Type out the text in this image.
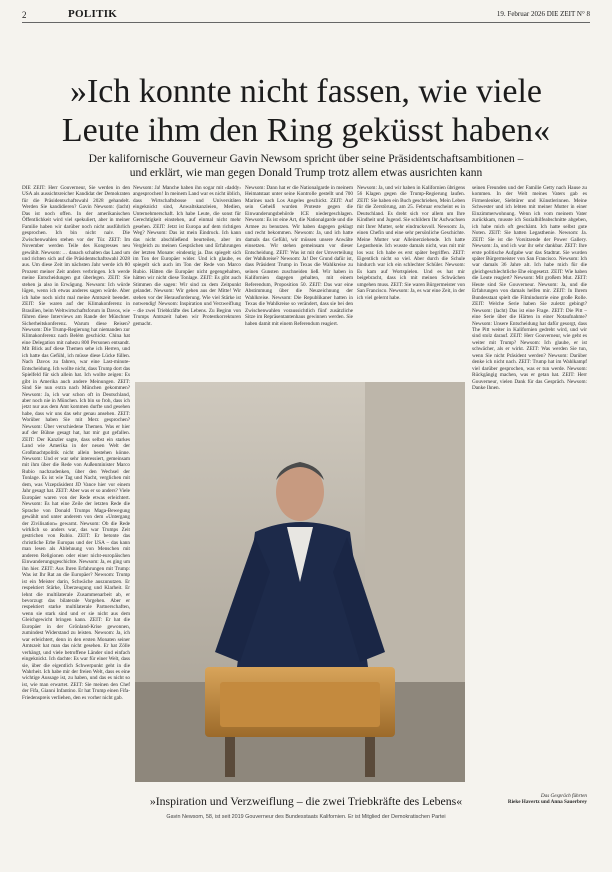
2	POLITIK	19. Februar 2026 DIE ZEIT N° 8
»Ich konnte nicht fassen, wie viele Leute ihm den Ring geküsst haben«
Der kalifornische Gouverneur Gavin Newsom spricht über seine Präsidentschaftsambitionen – und erklärt, wie man gegen Donald Trump trotz allem etwas ausrichten kann

DIE ZEIT: Herr Gouverneur, Sie werden in den USA als aussichtsreicher Kandidat der Demokraten für die Präsidentschaftswahl 2028 gehandelt. Werden Sie kandidieren? Gavin Newsom: (lacht) Das ist noch offen. In der amerikanischen Öffentlichkeit wird viel spekuliert, aber in meiner Familie haben wir darüber noch nicht ausführlich gesprochen. Ich bin nicht naiv. Die Zwischenwahlen stehen vor der Tür. ZEIT: Im November werden Teile des Kongresses neu gewählt. Newsom: … danach schalten das Land um und richten sich auf die Präsidentschaftswahl 2028 aus. Um diese Zeit im nächsten Jahr werde ich 80 Prozent meiner Zeit anders verbringen. Ich werde meine Entscheidungen gut überlegen. ZEIT: Sie stehen ja also in Erwägung. Newsom: Ich würde lügen, wenn ich etwas anderes sagen würde. Aber ich habe noch nicht mal meine Amtszeit beendet. ZEIT: Sie waren auf der Klimakonferenz in Brasilien, beim Weltwirtschaftsforum in Davos, wie führen diese Interviews am Rande der Münchner Sicherheitskonferenz. Warum diese Reisen? Newsom: Die Trump-Regierung hat niemanden zur Klimakonferenz nach Belém geschickt. China hat eine Delegation mit nahezu 800 Personen entsandt. Mit Blick auf diese Themen sehe ich Herren, und ich hatte das Gefühl, ich müsse diese Lücke füllen. Nach Davos zu fahren, war eine Last-minute-Entscheidung. Ich wollte nicht, dass Trump dort das Spielfeld für sich allein hat. Ich wollte zeigen: Es gibt in Amerika auch andere Meinungen. ZEIT: Sind Sie nun extra nach München gekommen? Newsom: Ja, ich war schon oft in Deutschland, aber noch nie in München. Ich bin so froh, dass ich jetzt nur aus dem Amt kommen durfte und gesehen habe, dass wir uns das sehr genau ansehen. ZEIT: Worüber haben Sie mit Merz gesprochen? Newsom: Über verschiedene Themen. Was er hier auf der Bühne gesagt hat, hat mir gut gefallen. ZEIT: Der Kanzler sagte, dass selbst ein starkes Land wie Amerika in der neuen Welt der Großmachtpolitik nicht allein bestehen könne. Newsom: Und er war sehr interessiert, gemeinsam mit ihm über die Rede von Außenminister Marco Rubio nachzudenken, über den Wechsel der Tonlage. Es ist wie Tag und Nacht, verglichen mit dem, was Vizepräsident JD Vance hier vor einem Jahr gesagt hat. ZEIT: Aber was er so anders? Viele Europäer waren von der Rede etwas erleichtert. Newsom: Es hat eine Zeile der letzten Rede die Sprache von Donald Trumps Maga-Bewegung gewählt und unter anderem von dem »Untergang der Zivilisation« gewarnt. Newsom: Ob die Rede wirklich so anders war, das war Trumps Zeit gestrichen von Rubio. ZEIT: Er betonte das christliche Erbe Europas und der USA – das kann man lesen als Ablehnung von Menschen mit anderen Religionen oder einer nicht-europäischen Einwanderungsgeschichte. Newsom: Ja, es ging um ihn hier. ZEIT: Aus Ihren Erfahrungen mit Trump: Was ist Ihr Rat an die Europäer? Newsom: Trump ist ein Meister darin, Schwäche auszunutzen. Er respektiert Stärke, Überzeugung und Klarheit. Er lehnt die multilaterale Zusammenarbeit ab, er bevorzugt das bilaterale Vorgehen. Aber er respektiert starke multilaterale Partnerschaften, wenn sie stark sind und er sie nicht aus dem Gleichgewicht bringen kann. ZEIT: Er hat die Europäer in der Grönland-Krise gewonnen, zumindest Widerstand zu leisten. Newsom: Ja, ich war erleichtert, denn in den ersten Monaten seiner Amtszeit hat man das nicht gesehen. Er hat Zölle verhängt, und viele betroffene Länder sind einfach eingeknickt. Ich dachte: Es war für einer Welt, dass sie, über die eigentlich Schwerpunkt geht in die Wahrheit. Ich habe mir der freien Welt, dass es eine wichtige Aussage ist, zu haben, und das es nicht so ist, wie man erwartet. ZEIT: Sie meinen den Chef der Fifa, Gianni Infantino. Er hat Trump einen Fifa-Friedenspreis verliehen, den es vorher nicht gab.

Newsom: Ja! Manche haben ihn sogar mit ›daddy‹ angesprochen! In meinem Land war es nicht üblich, dass Wirtschaftsbosse und Universitäten eingeknickt sind, Anwaltskanzleien, Medien, Unternehmerschaft. Ich habe Leute, die sonst für Gerechtigkeit einstehen, auf einmal nicht mehr gesehen. ZEIT: Jetzt ist Europa auf dem richtigen Weg? Newsom: Das ist mein Eindruck. Ich kann das nicht abschließend beurteilen, aber im Vergleich zu meinen Gesprächen und Erfahrungen der letzten Monate: eindeutig ja. Das spiegelt sich im Ton der Europäer wider. Und ich glaube, es spiegelt sich auch im Ton der Rede von Marco Rubio. Hätten die Europäer nicht gegengehalten, hätten wir nicht diese Tonlage. ZEIT: Es gibt auch Stimmen die sagen: Wir sind zu dem Zeitpunkt gelandet. Newsom: Wir gehen aus der Mitte! Wir stehen vor der Herausforderung. Wie viel Stärke ist notwendig! Newsom: Inspiration und Verzweiflung – die zwei Triebkräfte des Lebens. Zu Beginn von Trumps Amtszeit haben wir Protestkorrekturen gemacht.

Newsom: Dann hat er die Nationalgarde in meinem Heimatstaat unter seine Kontrolle gestellt und 700 Marines nach Los Angeles geschickt. ZEIT: Auf sein Geheiß wurden Proteste gegen die Einwanderungsbehörde ICE niedergeschlagen. Newsom: Es ist eine Art, die Nationalgarde und die Armee zu benutzen. Wir haben dagegen geklagt und recht bekommen. Newsom: Ja, und ich hatte damals das Gefühl, wir müssen unsere Anwälte einsetzen. Wir stehen gemeinsam vor dieser Entscheidung. ZEIT: Was ist mit der Umverteilung der Wahlkreise? Newsom: Ja! Der Grund dafür ist, dass Präsident Trump in Texas die Wahlkreise zu seinen Gunsten zuschneiden ließ. Wir haben in Kalifornien dagegen gehalten, mit einem Referendum, Proposition 50. ZEIT: Das war eine Abstimmung über die Neuzeichnung der Wahlkreise. Newsom: Die Republikaner hatten in Texas die Wahlkreise so verändert, dass sie bei den Zwischenwahlen voraussichtlich fünf zusätzliche Sitze im Repräsentantenhaus gewinnen werden. Sie haben damit mit einem Referendum reagiert.

Newsom: Ja, und wir haben in Kalifornien übrigens 56 Klagen gegen die Trump-Regierung laufen. ZEIT: Sie haben ein Buch geschrieben, Mein Leben für die Zerstörung, am 25. Februar erscheint es in Deutschland. Es dreht sich vor allem um Ihre Kindheit und Jugend. Sie schildern Ihr Aufwachsen mit Ihrer Mutter, sehr eindrucksvoll. Newsom: Ja, einen Chefin und eine sehr persönliche Geschichte. Meine Mutter war Alleinerziehende. Ich hatte Legasthenie. Ich wusste damals nicht, was mit mir los war. Ich habe es erst später begriffen. ZEIT: Eigentlich nicht so viel. Aber durch die Schule hindurch war ich ein schlechter Schüler. Newsom: Es kam auf Wortspielen. Und es hat mir beigebracht, dass ich mit meinen Schwächen umgehen muss. ZEIT: Sie waren Bürgermeister von San Francisco. Newsom: Ja, es war eine Zeit, in der ich viel gelernt habe.

seinen Freunden und der Familie Getty nach Hause zu kommen. In der Welt meines Vaters gab es Firmenlenker, Siebtürer und Künstlerinnen. Meine Schwester und ich lebten mit meiner Mutter in einer Einzimmerwohnung. Wenn ich vom meinem Vater zurückkam, musste ich Sozialhilfeabschnitte abgeben, ich habe mich oft geschämt. Ich hatte selbst gute Noten. ZEIT: Sie hatten Legasthenie. Newsom: Ja. ZEIT: Sie ist die Vorsitzende der Power Gallery. Newsom: Ja, und ich war ihr sehr dankbar. ZEIT: Ihre erste politische Aufgabe war das Stadtrat. Sie wurden später Bürgermeister von San Francisco. Newsom: Ich war damals 36 Jahre alt. Ich habe mich für die gleichgeschlechtliche Ehe eingesetzt. ZEIT: Wie haben die Leute reagiert? Newsom: Mit großem Mut. ZEIT: Heute sind Sie Gouverneur. Newsom: Ja, und die Erfahrungen von damals helfen mir. ZEIT: In Ihrem Bundesstaat spielt die Filmindustrie eine große Rolle. ZEIT: Welche Serie haben Sie zuletzt gebingt? Newsom: (lacht) Das ist eine Frage. ZEIT: Die Pitt – eine Serie über die Härten in einer Notaufnahme? Newsom: Unsere Entscheidung hat dafür gesorgt, dass The Pitt weiter in Kalifornien gedreht wird, und wir sind stolz darauf. ZEIT: Herr Gouverneur, wie geht es weiter mit Trump? Newsom: Ich glaube, er ist schwächer, als er wirkt. ZEIT: Was werden Sie tun, wenn Sie nicht Präsident werden? Newsom: Darüber denke ich nicht nach. ZEIT: Trump hat im Wahlkampf viel darüber gesprochen, was er tun werde. Newsom: Rückgängig machen, was er getan hat. ZEIT: Herr Gouverneur, vielen Dank für das Gespräch. Newsom: Danke Ihnen.

Das Gespräch führten
Rieke Havertz und Anna Sauerbrey
»Inspiration und Verzweiflung – die zwei Triebkräfte des Lebens«
Gavin Newsom, 58, ist seit 2019 Gouverneur des Bundesstaats Kalifornien. Er ist Mitglied der Demokratischen Partei
